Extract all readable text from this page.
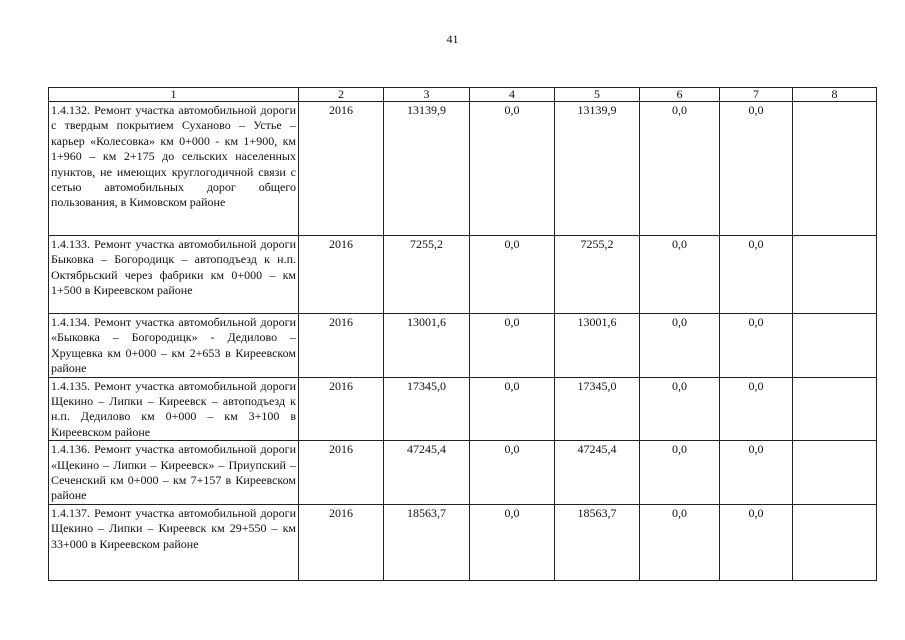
41
1	2	3	4	5	6	7	8
1.4.132. Ремонт участка автомобильной дороги с твердым покрытием Суханово – Устье – карьер «Колесовка» км 0+000 - км 1+900, км 1+960 – км 2+175 до сельских населенных пунктов, не имеющих круглогодичной связи с сетью автомобильных дорог общего пользования, в Кимовском районе	2016	13139,9	0,0	13139,9	0,0	0,0	
1.4.133. Ремонт участка автомобильной дороги Быковка – Богородицк – автоподъезд к н.п. Октябрьский через фабрики км 0+000 – км 1+500 в Киреевском районе	2016	7255,2	0,0	7255,2	0,0	0,0	
1.4.134. Ремонт участка автомобильной дороги «Быковка – Богородицк» - Дедилово – Хрущевка км 0+000 – км 2+653 в Киреевском районе	2016	13001,6	0,0	13001,6	0,0	0,0	
1.4.135. Ремонт участка автомобильной дороги Щекино – Липки – Киреевск – автоподъезд к н.п. Дедилово км 0+000 – км 3+100 в Киреевском районе	2016	17345,0	0,0	17345,0	0,0	0,0	
1.4.136. Ремонт участка автомобильной дороги «Щекино – Липки – Киреевск» – Приупский – Сеченский км 0+000 – км 7+157 в Киреевском районе	2016	47245,4	0,0	47245,4	0,0	0,0	
1.4.137. Ремонт участка автомобильной дороги Щекино – Липки – Киреевск км 29+550 – км 33+000 в Киреевском районе	2016	18563,7	0,0	18563,7	0,0	0,0	
